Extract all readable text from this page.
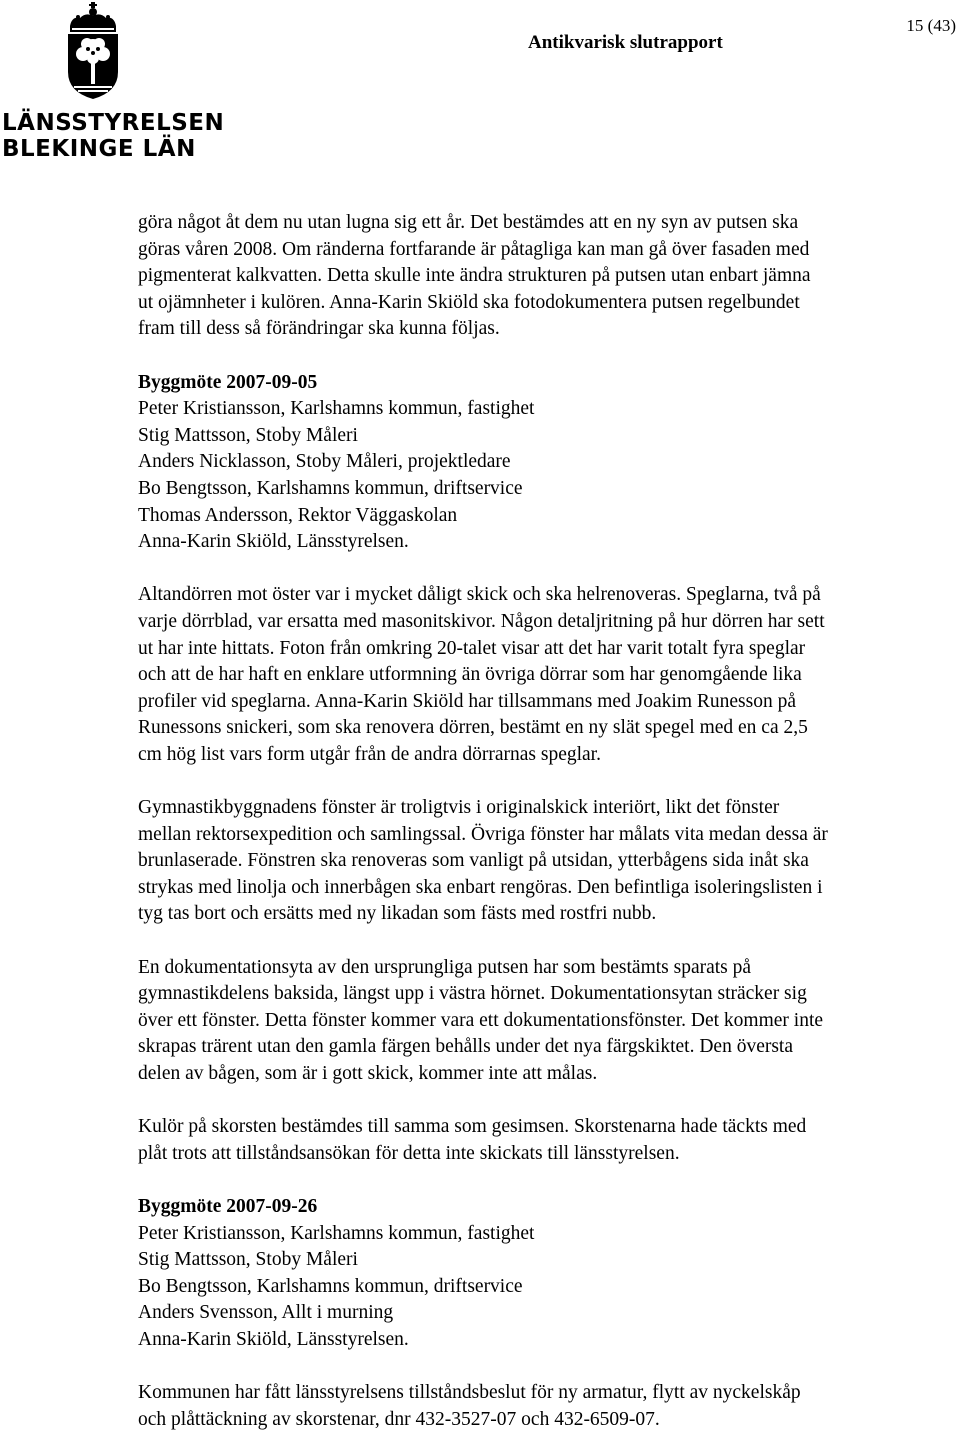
LÄNSSTYRELSEN
BLEKINGE LÄN
Antikvarisk slutrapport
15 (43)

göra något åt dem nu utan lugna sig ett år. Det bestämdes att en ny syn av putsen ska
göras våren 2008. Om ränderna fortfarande är påtagliga kan man gå över fasaden med
pigmenterat kalkvatten. Detta skulle inte ändra strukturen på putsen utan enbart jämna
ut ojämnheter i kulören. Anna-Karin Skiöld ska fotodokumentera putsen regelbundet
fram till dess så förändringar ska kunna följas.

Byggmöte 2007-09-05
Peter Kristiansson, Karlshamns kommun, fastighet
Stig Mattsson, Stoby Måleri
Anders Nicklasson, Stoby Måleri, projektledare
Bo Bengtsson, Karlshamns kommun, driftservice
Thomas Andersson, Rektor Väggaskolan
Anna-Karin Skiöld, Länsstyrelsen.

Altandörren mot öster var i mycket dåligt skick och ska helrenoveras. Speglarna, två på
varje dörrblad, var ersatta med masonitskivor. Någon detaljritning på hur dörren har sett
ut har inte hittats. Foton från omkring 20-talet visar att det har varit totalt fyra speglar
och att de har haft en enklare utformning än övriga dörrar som har genomgående lika
profiler vid speglarna. Anna-Karin Skiöld har tillsammans med Joakim Runesson på
Runessons snickeri, som ska renovera dörren, bestämt en ny slät spegel med en ca 2,5
cm hög list vars form utgår från de andra dörrarnas speglar.

Gymnastikbyggnadens fönster är troligtvis i originalskick interiört, likt det fönster
mellan rektorsexpedition och samlingssal. Övriga fönster har målats vita medan dessa är
brunlaserade. Fönstren ska renoveras som vanligt på utsidan, ytterbågens sida inåt ska
strykas med linolja och innerbågen ska enbart rengöras. Den befintliga isoleringslisten i
tyg tas bort och ersätts med ny likadan som fästs med rostfri nubb.

En dokumentationsyta av den ursprungliga putsen har som bestämts sparats på
gymnastikdelens baksida, längst upp i västra hörnet. Dokumentationsytan sträcker sig
över ett fönster. Detta fönster kommer vara ett dokumentationsfönster. Det kommer inte
skrapas trärent utan den gamla färgen behålls under det nya färgskiktet. Den översta
delen av bågen, som är i gott skick, kommer inte att målas.

Kulör på skorsten bestämdes till samma som gesimsen. Skorstenarna hade täckts med
plåt trots att tillståndsansökan för detta inte skickats till länsstyrelsen.

Byggmöte 2007-09-26
Peter Kristiansson, Karlshamns kommun, fastighet
Stig Mattsson, Stoby Måleri
Bo Bengtsson, Karlshamns kommun, driftservice
Anders Svensson, Allt i murning
Anna-Karin Skiöld, Länsstyrelsen.

Kommunen har fått länsstyrelsens tillståndsbeslut för ny armatur, flytt av nyckelskåp
och plåttäckning av skorstenar, dnr 432-3527-07 och 432-6509-07.
